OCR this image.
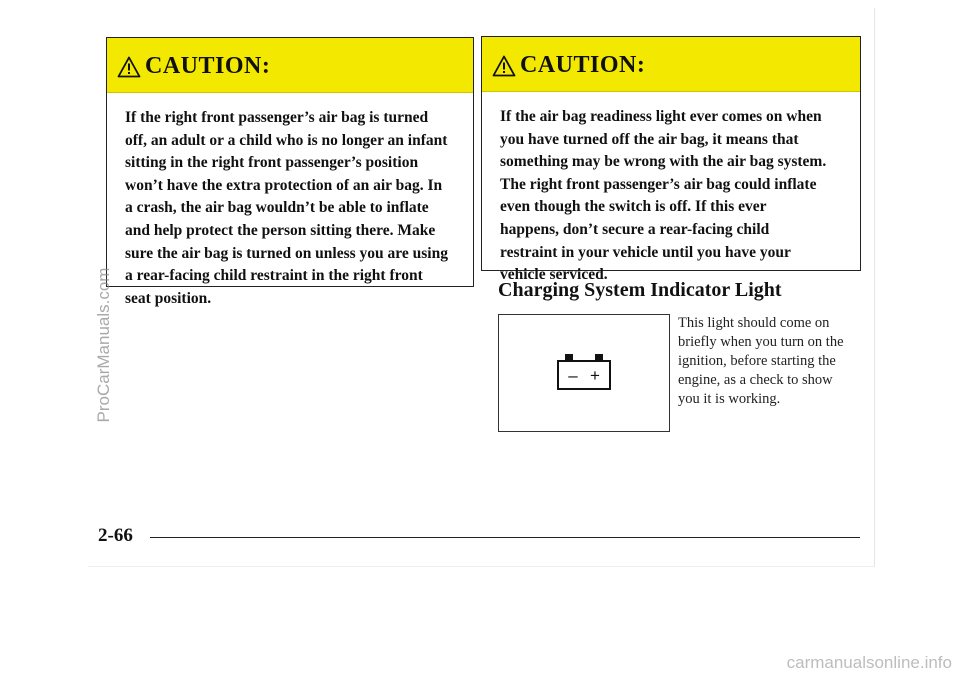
CAUTION:
If the right front passenger’s air bag is turned
off, an adult or a child who is no longer an infant
sitting in the right front passenger’s position
won’t have the extra protection of an air bag. In
a crash, the air bag wouldn’t be able to inflate
and help protect the person sitting there. Make
sure the air bag is turned on unless you are using
a rear-facing child restraint in the right front
seat position.
CAUTION:
If the air bag readiness light ever comes on when
you have turned off the air bag, it means that
something may be wrong with the air bag system.
The right front passenger’s air bag could inflate
even though the switch is off. If this ever
happens, don’t secure a rear-facing child
restraint in your vehicle until you have your
vehicle serviced.
Charging System Indicator Light
– +
This light should come on
briefly when you turn on the
ignition, before starting the
engine, as a check to show
you it is working.
2-66
ProCarManuals.com
carmanualsonline.info
